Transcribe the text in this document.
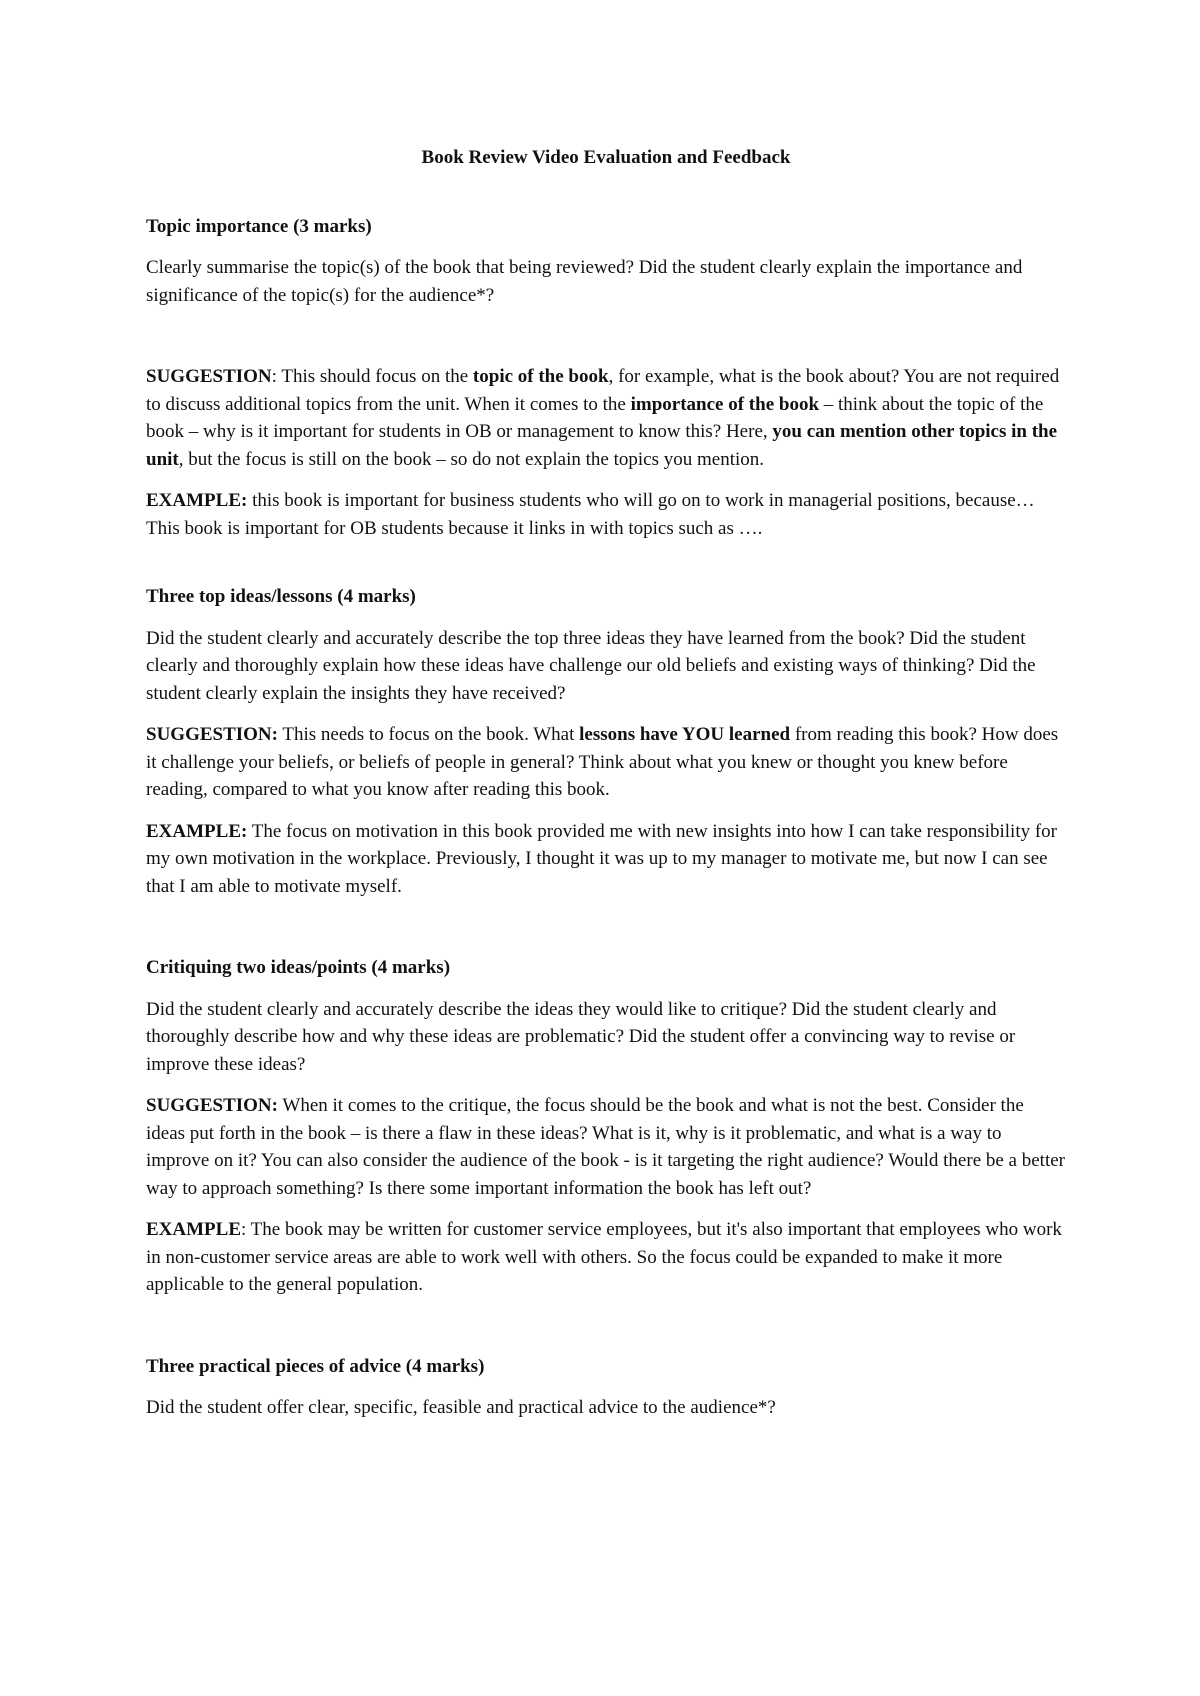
Book Review Video Evaluation and Feedback

Topic importance (3 marks)

Clearly summarise the topic(s) of the book that being reviewed? Did the student clearly explain the importance and significance of the topic(s) for the audience*?

SUGGESTION: This should focus on the topic of the book, for example, what is the book about? You are not required to discuss additional topics from the unit. When it comes to the importance of the book – think about the topic of the book – why is it important for students in OB or management to know this? Here, you can mention other topics in the unit, but the focus is still on the book – so do not explain the topics you mention.

EXAMPLE: this book is important for business students who will go on to work in managerial positions, because… This book is important for OB students because it links in with topics such as ….

Three top ideas/lessons (4 marks)

Did the student clearly and accurately describe the top three ideas they have learned from the book? Did the student clearly and thoroughly explain how these ideas have challenge our old beliefs and existing ways of thinking? Did the student clearly explain the insights they have received?

SUGGESTION: This needs to focus on the book. What lessons have YOU learned from reading this book? How does it challenge your beliefs, or beliefs of people in general? Think about what you knew or thought you knew before reading, compared to what you know after reading this book.

EXAMPLE: The focus on motivation in this book provided me with new insights into how I can take responsibility for my own motivation in the workplace. Previously, I thought it was up to my manager to motivate me, but now I can see that I am able to motivate myself.

Critiquing two ideas/points (4 marks)

Did the student clearly and accurately describe the ideas they would like to critique? Did the student clearly and thoroughly describe how and why these ideas are problematic? Did the student offer a convincing way to revise or improve these ideas?

SUGGESTION: When it comes to the critique, the focus should be the book and what is not the best. Consider the ideas put forth in the book – is there a flaw in these ideas? What is it, why is it problematic, and what is a way to improve on it? You can also consider the audience of the book - is it targeting the right audience? Would there be a better way to approach something? Is there some important information the book has left out?

EXAMPLE: The book may be written for customer service employees, but it's also important that employees who work in non-customer service areas are able to work well with others. So the focus could be expanded to make it more applicable to the general population.

Three practical pieces of advice (4 marks)

Did the student offer clear, specific, feasible and practical advice to the audience*?
